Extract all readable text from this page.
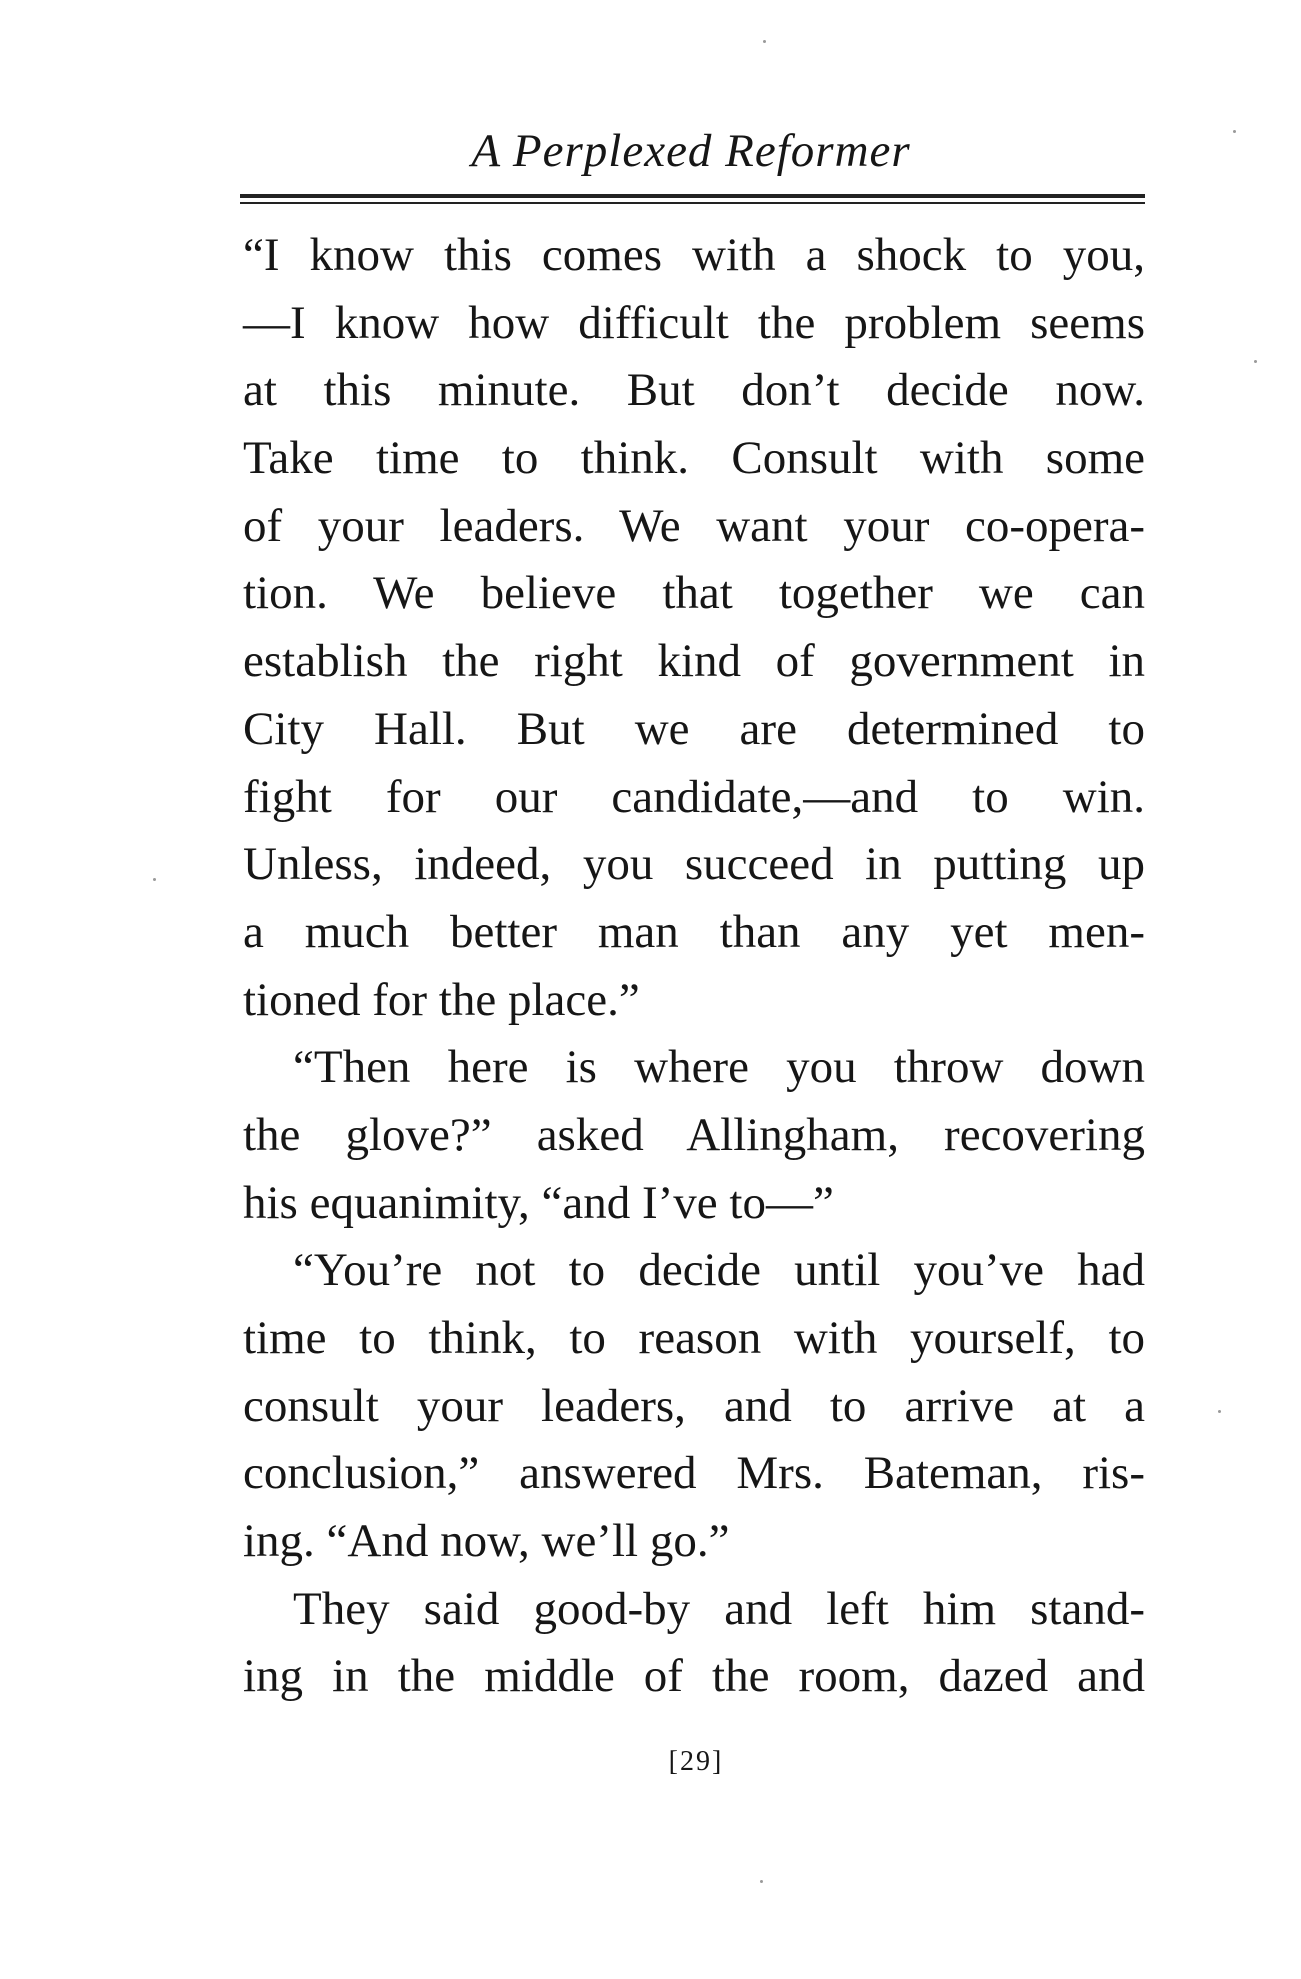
A Perplexed Reformer
“I know this comes with a shock to you,
—I know how difficult the problem seems
at this minute. But don’t decide now.
Take time to think. Consult with some
of your leaders. We want your co-opera-
tion. We believe that together we can
establish the right kind of government in
City Hall. But we are determined to
fight for our candidate,—and to win.
Unless, indeed, you succeed in putting up
a much better man than any yet men-
tioned for the place.”
“Then here is where you throw down
the glove?” asked Allingham, recovering
his equanimity, “and I’ve to—”
“You’re not to decide until you’ve had
time to think, to reason with yourself, to
consult your leaders, and to arrive at a
conclusion,” answered Mrs. Bateman, ris-
ing. “And now, we’ll go.”
They said good-by and left him stand-
ing in the middle of the room, dazed and
[29]
